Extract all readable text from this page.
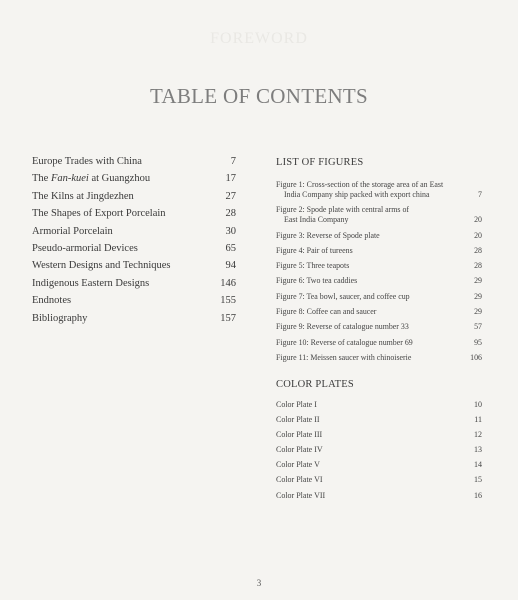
FOREWORD
TABLE OF CONTENTS
Europe Trades with China	7
The Fan-kuei at Guangzhou	17
The Kilns at Jingdezhen	27
The Shapes of Export Porcelain	28
Armorial Porcelain	30
Pseudo-armorial Devices	65
Western Designs and Techniques	94
Indigenous Eastern Designs	146
Endnotes	155
Bibliography	157
LIST OF FIGURES
Figure 1: Cross-section of the storage area of an East
India Company ship packed with export china	7
Figure 2: Spode plate with central arms of
East India Company	20
Figure 3: Reverse of Spode plate	20
Figure 4: Pair of tureens	28
Figure 5: Three teapots	28
Figure 6: Two tea caddies	29
Figure 7: Tea bowl, saucer, and coffee cup	29
Figure 8: Coffee can and saucer	29
Figure 9: Reverse of catalogue number 33	57
Figure 10: Reverse of catalogue number 69	95
Figure 11: Meissen saucer with chinoiserie	106
COLOR PLATES
Color Plate I	10
Color Plate II	11
Color Plate III	12
Color Plate IV	13
Color Plate V	14
Color Plate VI	15
Color Plate VII	16
3
